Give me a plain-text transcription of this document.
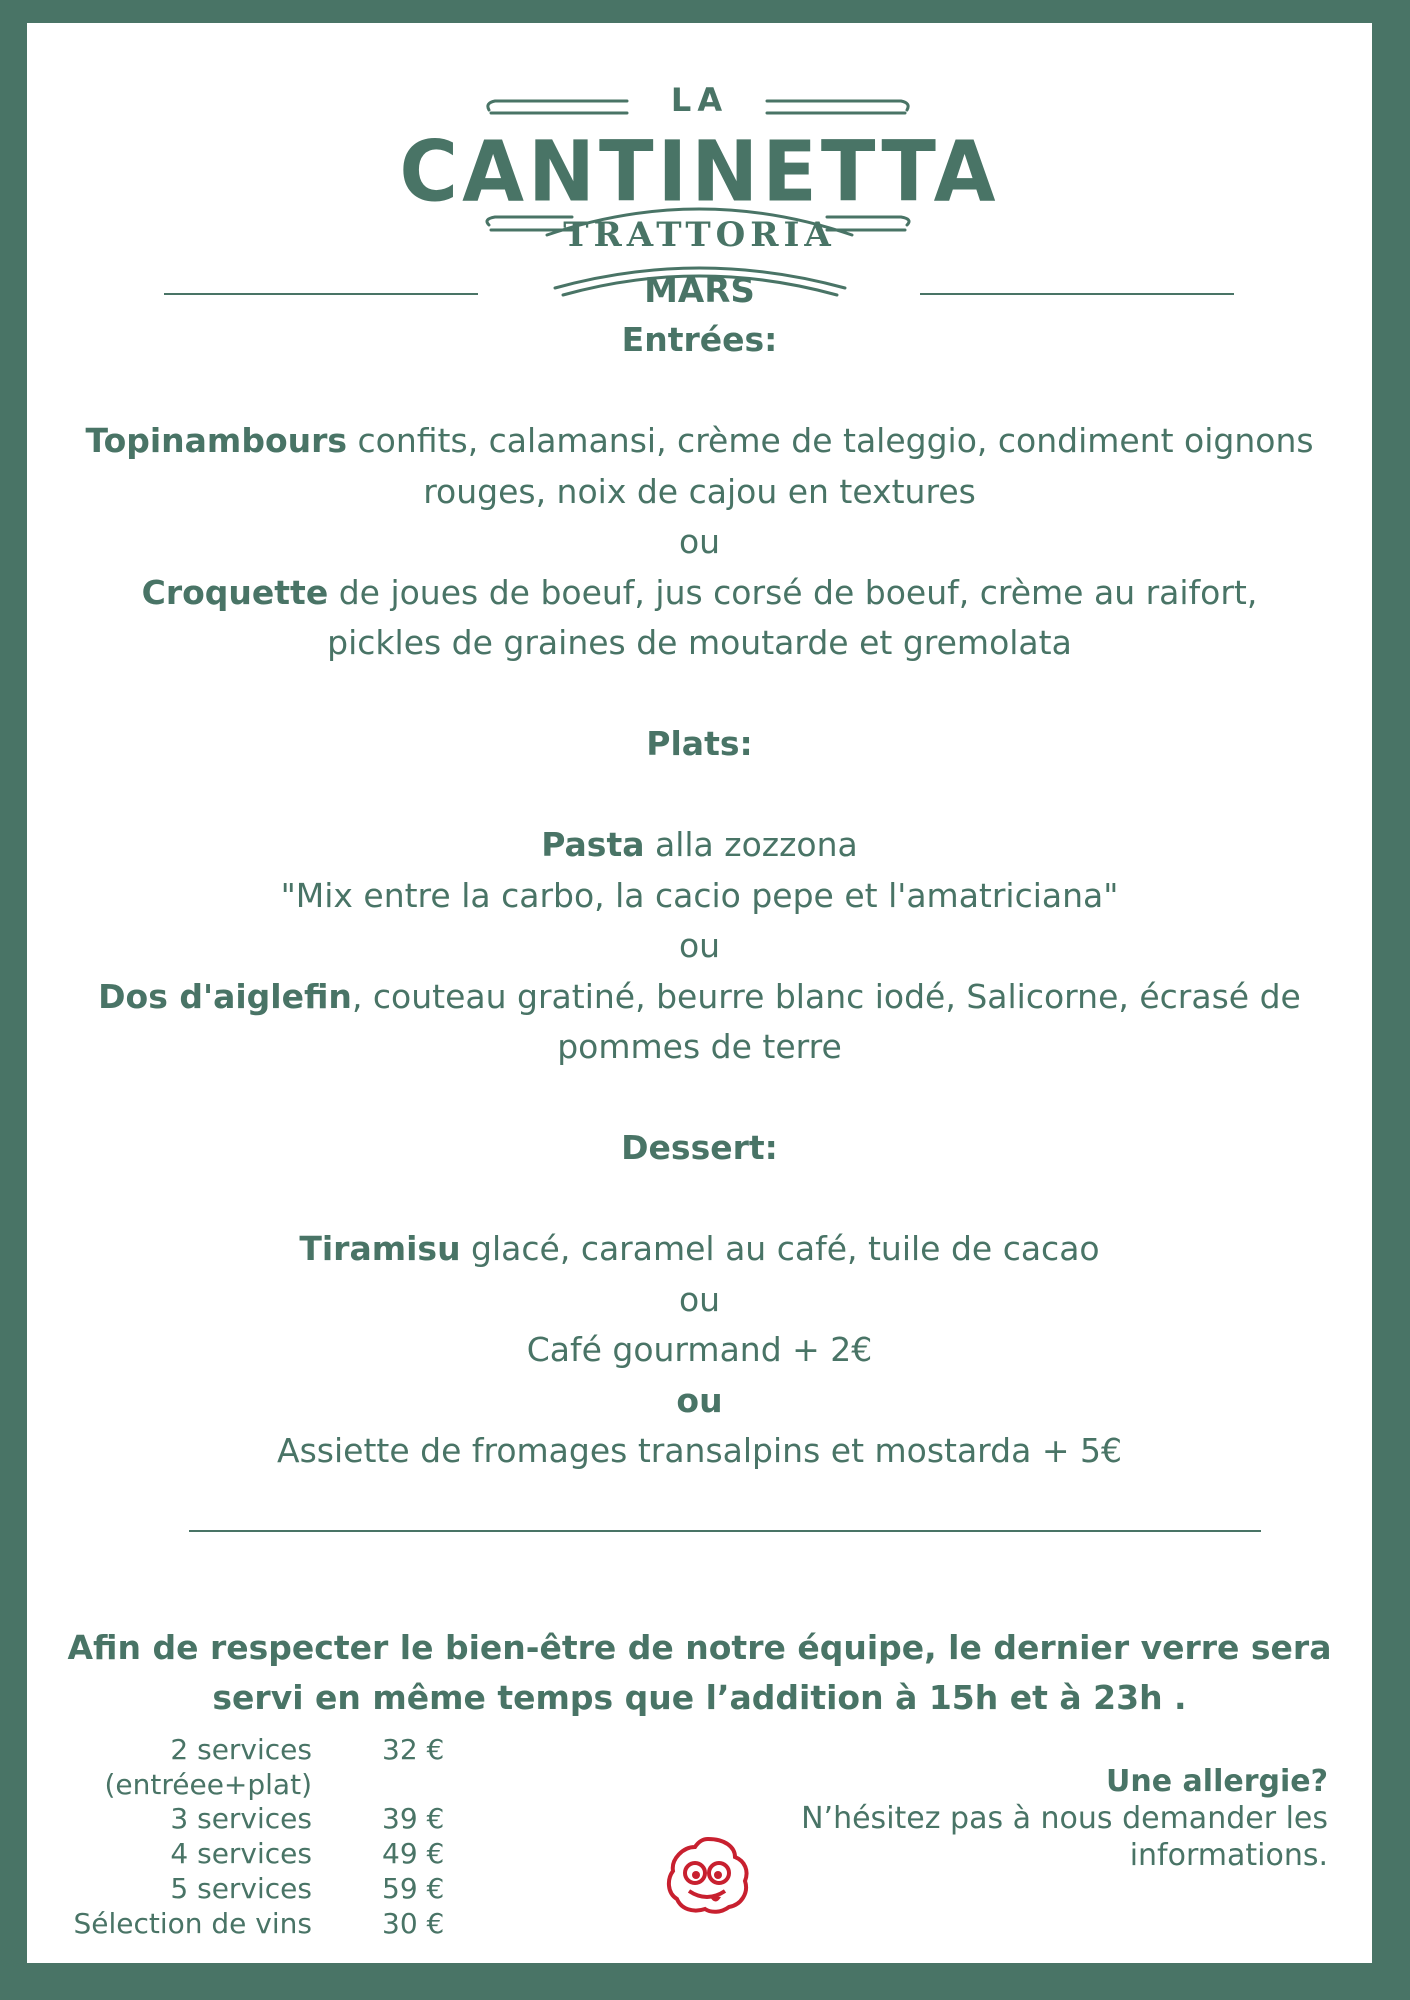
LA
CANTINETTA
TRATTORIA
MARS

Entrées:

Topinambours confits, calamansi, crème de taleggio, condiment oignons

rouges, noix de cajou en textures

ou

Croquette de joues de boeuf, jus corsé de boeuf, crème au raifort,

pickles de graines de moutarde et gremolata

Plats:

Pasta alla zozzona

"Mix entre la carbo, la cacio pepe et l'amatriciana"

ou

Dos d'aiglefin, couteau gratiné, beurre blanc iodé, Salicorne, écrasé de

pommes de terre

Dessert:

Tiramisu glacé, caramel au café, tuile de cacao

ou

Café gourmand + 2€

ou

Assiette de fromages transalpins et mostarda + 5€

Afin de respecter le bien-être de notre équipe, le dernier verre sera
servi en même temps que l’addition à 15h et à 23h .
2 services	32 €
(entréee+plat)
3 services	39 €
4 services	49 €
5 services	59 €
Sélection de vins	30 €
Une allergie?
N’hésitez pas à nous demander les
informations.
